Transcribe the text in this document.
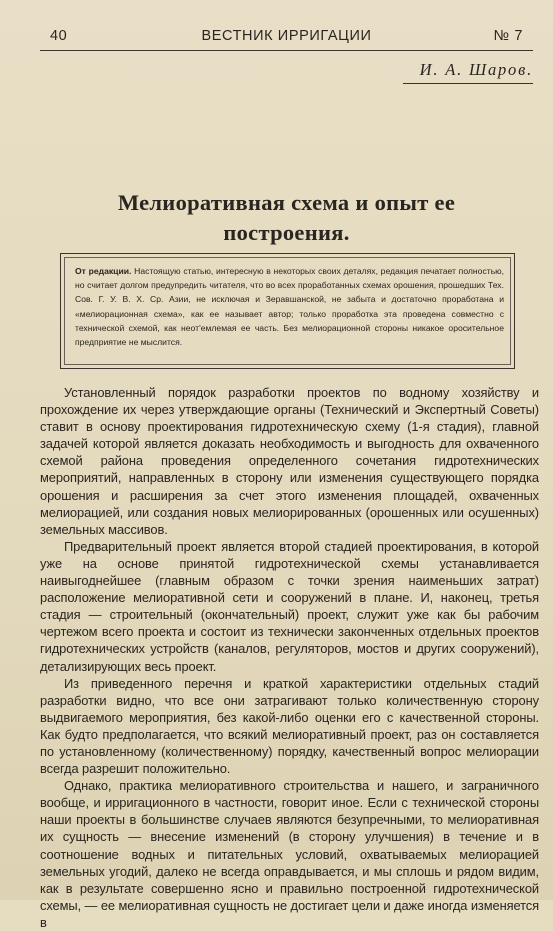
40	ВЕСТНИК ИРРИГАЦИИ	№ 7
И. А. Шаров.
Мелиоративная схема и опыт ее построения.
От редакции. Настоящую статью, интересную в некоторых своих деталях, редакция печатает полностью, но считает долгом предупредить читателя, что во всех проработанных схемах орошения, прошедших Тех. Сов. Г. У. В. Х. Ср. Азии, не исключая и Зеравшанской, не забыта и достаточно проработана и «мелиорационная схема», как ее называет автор; только проработка эта проведена совместно с технической схемой, как неот'емлемая ее часть. Без мелиорационной стороны никакое оросительное предприятие не мыслится.

Установленный порядок разработки проектов по водному хозяйству и прохождение их через утверждающие органы (Технический и Экспертный Советы) ставит в основу проектирования гидротехническую схему (1-я стадия), главной задачей которой является доказать необходимость и выгодность для охваченного схемой района проведения определенного сочетания гидротехнических мероприятий, направленных в сторону или изменения существующего порядка орошения и расширения за счет этого изменения площадей, охваченных мелиорацией, или создания новых мелиорированных (орошенных или осушенных) земельных массивов.

Предварительный проект является второй стадией проектирования, в которой уже на основе принятой гидротехнической схемы устанавливается наивыгоднейшее (главным образом с точки зрения наименьших затрат) расположение мелиоративной сети и сооружений в плане. И, наконец, третья стадия — строительный (окончательный) проект, служит уже как бы рабочим чертежом всего проекта и состоит из технически законченных отдельных проектов гидротехнических устройств (каналов, регуляторов, мостов и других сооружений), детализирующих весь проект.

Из приведенного перечня и краткой характеристики отдельных стадий разработки видно, что все они затрагивают только количественную сторону выдвигаемого мероприятия, без какой-либо оценки его с качественной стороны. Как будто предполагается, что всякий мелиоративный проект, раз он составляется по установленному (количественному) порядку, качественный вопрос мелиорации всегда разрешит положительно.

Однако, практика мелиоративного строительства и нашего, и заграничного вообще, и ирригационного в частности, говорит иное. Если с технической стороны наши проекты в большинстве случаев являются безупречными, то мелиоративная их сущность — внесение изменений (в сторону улучшения) в течение и в соотношение водных и питательных условий, охватываемых мелиорацией земельных угодий, далеко не всегда оправдывается, и мы сплошь и рядом видим, как в результате совершенно ясно и правильно построенной гидротехнической схемы, — ее мелиоративная сущность не достигает цели и даже иногда изменяется в
